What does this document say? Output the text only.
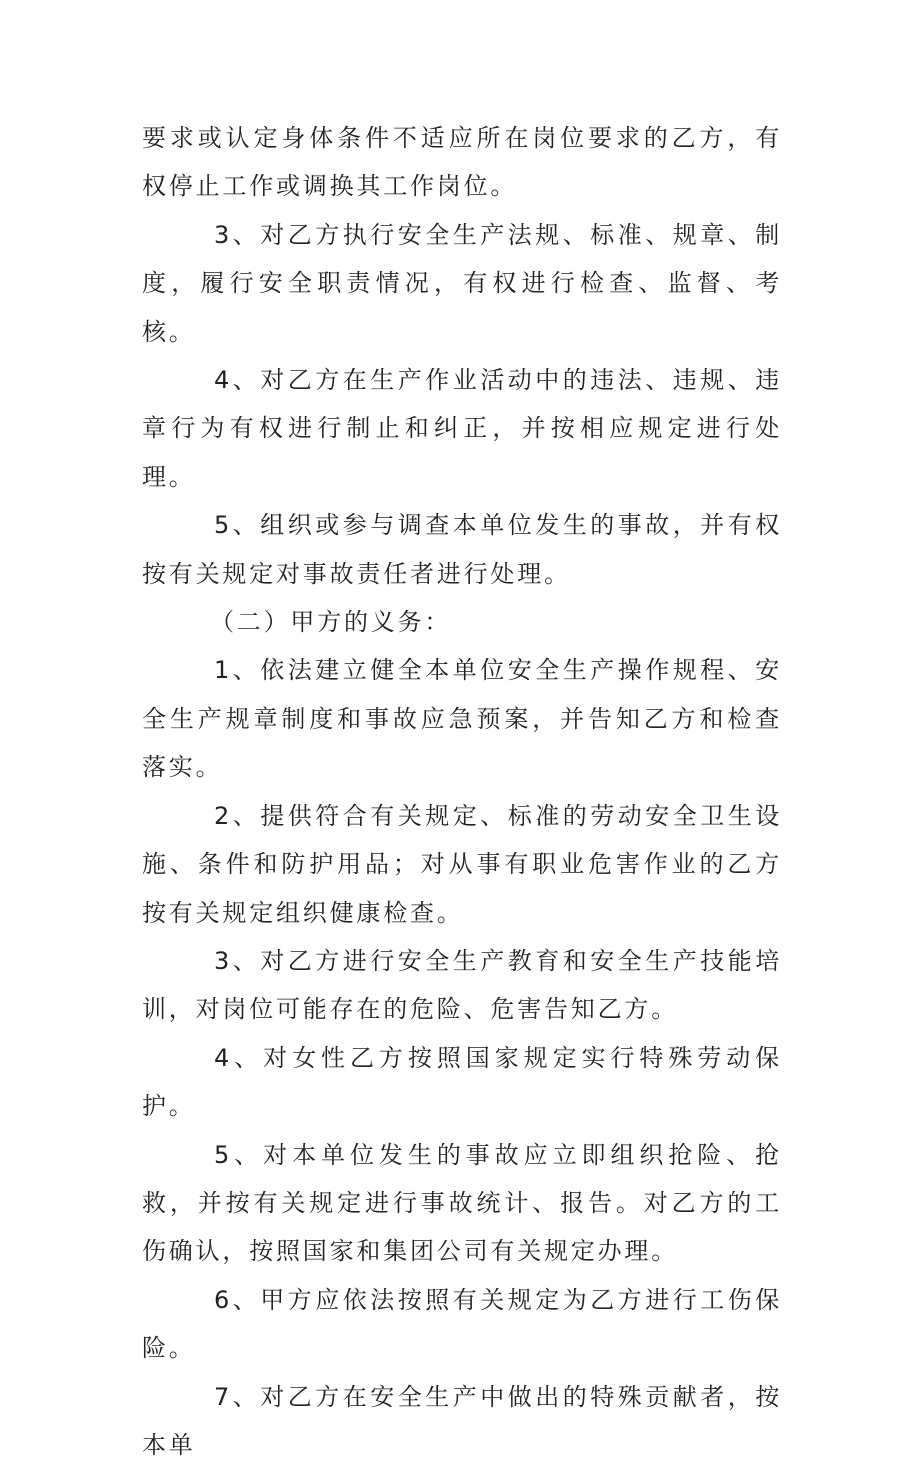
要求或认定身体条件不适应所在岗位要求的乙方，有权停止工作或调换其工作岗位。

3、对乙方执行安全生产法规、标准、规章、制度，履行安全职责情况，有权进行检查、监督、考核。

4、对乙方在生产作业活动中的违法、违规、违章行为有权进行制止和纠正，并按相应规定进行处理。

5、组织或参与调查本单位发生的事故，并有权按有关规定对事故责任者进行处理。

（二）甲方的义务：

1、依法建立健全本单位安全生产操作规程、安全生产规章制度和事故应急预案，并告知乙方和检查落实。

2、提供符合有关规定、标准的劳动安全卫生设施、条件和防护用品；对从事有职业危害作业的乙方按有关规定组织健康检查。

3、对乙方进行安全生产教育和安全生产技能培训，对岗位可能存在的危险、危害告知乙方。

4、对女性乙方按照国家规定实行特殊劳动保护。

5、对本单位发生的事故应立即组织抢险、抢救，并按有关规定进行事故统计、报告。对乙方的工伤确认，按照国家和集团公司有关规定办理。

6、甲方应依法按照有关规定为乙方进行工伤保险。

7、对乙方在安全生产中做出的特殊贡献者，按本单
